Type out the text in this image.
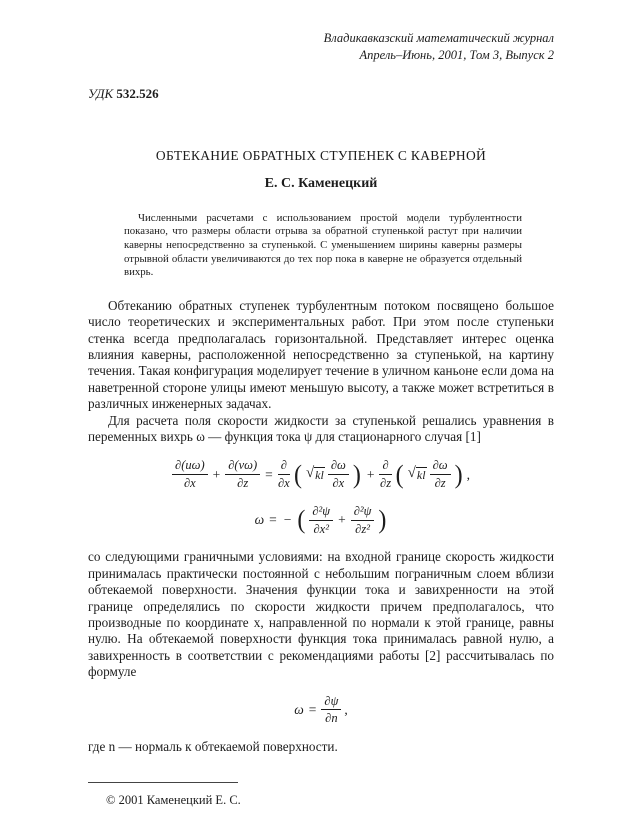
Владикавказский математический журнал
Апрель–Июнь, 2001, Том 3, Выпуск 2
УДК 532.526
ОБТЕКАНИЕ ОБРАТНЫХ СТУПЕНЕК С КАВЕРНОЙ
Е. С. Каменецкий
Численными расчетами с использованием простой модели турбулентности показано, что размеры области отрыва за обратной ступенькой растут при наличии каверны непосредственно за ступенькой. С уменьшением ширины каверны размеры отрывной области увеличиваются до тех пор пока в каверне не образуется отдельный вихрь.

Обтеканию обратных ступенек турбулентным потоком посвящено большое число теоретических и экспериментальных работ. При этом после ступеньки стенка всегда предполагалась горизонтальной. Представляет интерес оценка влияния каверны, расположенной непосредственно за ступенькой, на картину течения. Такая конфигурация моделирует течение в уличном каньоне если дома на наветренной стороне улицы имеют меньшую высоту, а также может встретиться в различных инженерных задачах.

Для расчета поля скорости жидкости за ступенькой решались уравнения в переменных вихрь ω — функция тока ψ для стационарного случая [1]

$\frac{\partial(u\omega)}{\partial x} + \frac{\partial(v\omega)}{\partial z} = \frac{\partial}{\partial x}$ ( √ kl $\frac{\partial\omega}{\partial x}$ ) + $\frac{\partial}{\partial z}$ ( √ kl $\frac{\partial\omega}{\partial z}$ ) ,
ω = − ( $\frac{\text{∂²ψ}}{\text{∂x²}} + \frac{\text{∂²ψ}}{\text{∂z²}}$ )

со следующими граничными условиями: на входной границе скорость жидкости принималась практически постоянной с небольшим пограничным слоем вблизи обтекаемой поверхности. Значения функции тока и завихренности на этой границе определялись по скорости жидкости причем предполагалось, что производные по координате x, направленной по нормали к этой границе, равны нулю. На обтекаемой поверхности функция тока принималась равной нулю, а завихренность в соответствии с рекомендациями работы [2] рассчитывалась по формуле

$\omega = \frac{\partial\psi}{\partial n}$ ,

где n — нормаль к обтекаемой поверхности.

© 2001 Каменецкий Е. С.
